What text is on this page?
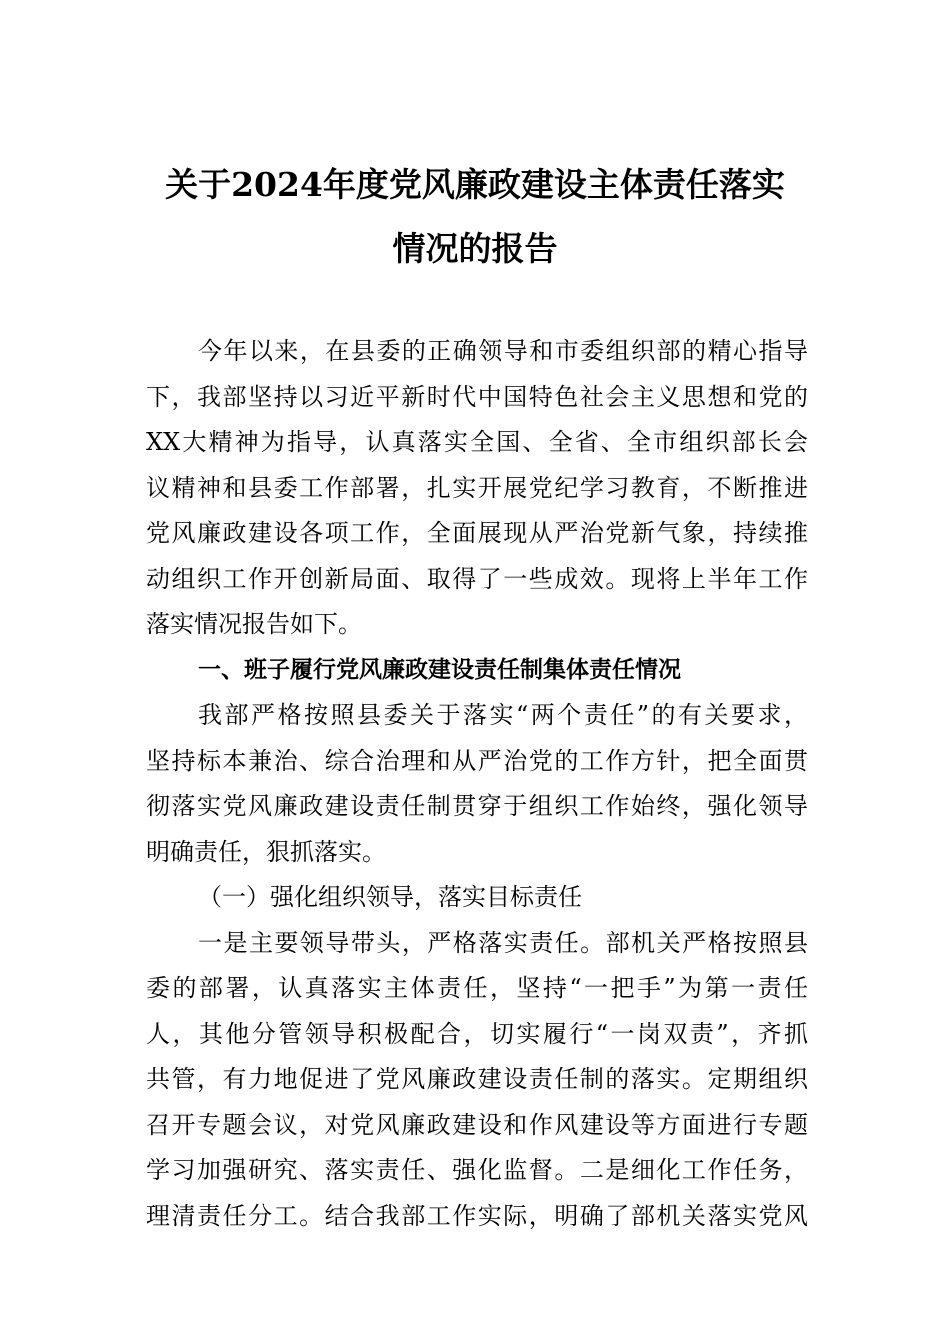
关于2024年度党风廉政建设主体责任落实
情况的报告
今年以来，在县委的正确领导和市委组织部的精心指导
下，我部坚持以习近平新时代中国特色社会主义思想和党的
XX大精神为指导，认真落实全国、全省、全市组织部长会
议精神和县委工作部署，扎实开展党纪学习教育，不断推进
党风廉政建设各项工作，全面展现从严治党新气象，持续推
动组织工作开创新局面、取得了一些成效。现将上半年工作
落实情况报告如下。
一、班子履行党风廉政建设责任制集体责任情况
我部严格按照县委关于落实“两个责任”的有关要求，
坚持标本兼治、综合治理和从严治党的工作方针，把全面贯
彻落实党风廉政建设责任制贯穿于组织工作始终，强化领导
明确责任，狠抓落实。
（一）强化组织领导，落实目标责任
一是主要领导带头，严格落实责任。部机关严格按照县
委的部署，认真落实主体责任，坚持“一把手”为第一责任
人，其他分管领导积极配合，切实履行“一岗双责”，齐抓
共管，有力地促进了党风廉政建设责任制的落实。定期组织
召开专题会议，对党风廉政建设和作风建设等方面进行专题
学习加强研究、落实责任、强化监督。二是细化工作任务，
理清责任分工。结合我部工作实际，明确了部机关落实党风
